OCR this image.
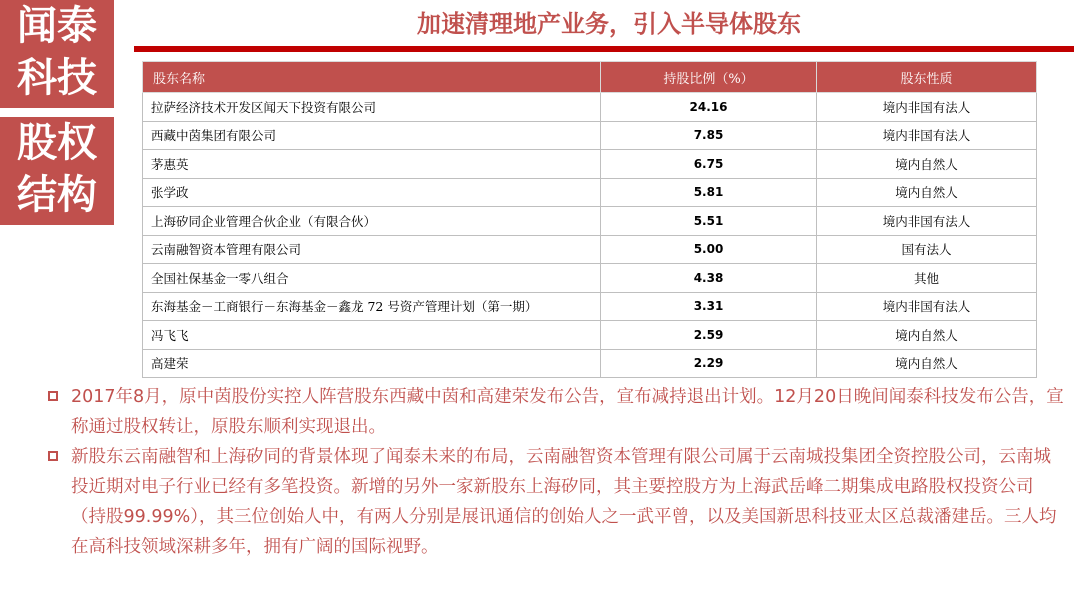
闻泰
科技
股权
结构
加速清理地产业务，引入半导体股东
股东名称	持股比例（%）	股东性质
拉萨经济技术开发区闻天下投资有限公司	24.16	境内非国有法人
西藏中茵集团有限公司	7.85	境内非国有法人
茅惠英	6.75	境内自然人
张学政	5.81	境内自然人
上海矽同企业管理合伙企业（有限合伙）	5.51	境内非国有法人
云南融智资本管理有限公司	5.00	国有法人
全国社保基金一零八组合	4.38	其他
东海基金－工商银行－东海基金－鑫龙 72 号资产管理计划（第一期）	3.31	境内非国有法人
冯飞飞	2.59	境内自然人
高建荣	2.29	境内自然人
2017年8月，原中茵股份实控人阵营股东西藏中茵和高建荣发布公告，宣布减持退出计划。12月20日晚间闻泰科技发布公告，宣称通过股权转让，原股东顺利实现退出。
新股东云南融智和上海矽同的背景体现了闻泰未来的布局，云南融智资本管理有限公司属于云南城投集团全资控股公司，云南城投近期对电子行业已经有多笔投资。新增的另外一家新股东上海矽同，其主要控股方为上海武岳峰二期集成电路股权投资公司（持股99.99%），其三位创始人中，有两人分别是展讯通信的创始人之一武平曾，以及美国新思科技亚太区总裁潘建岳。三人均在高科技领域深耕多年，拥有广阔的国际视野。
